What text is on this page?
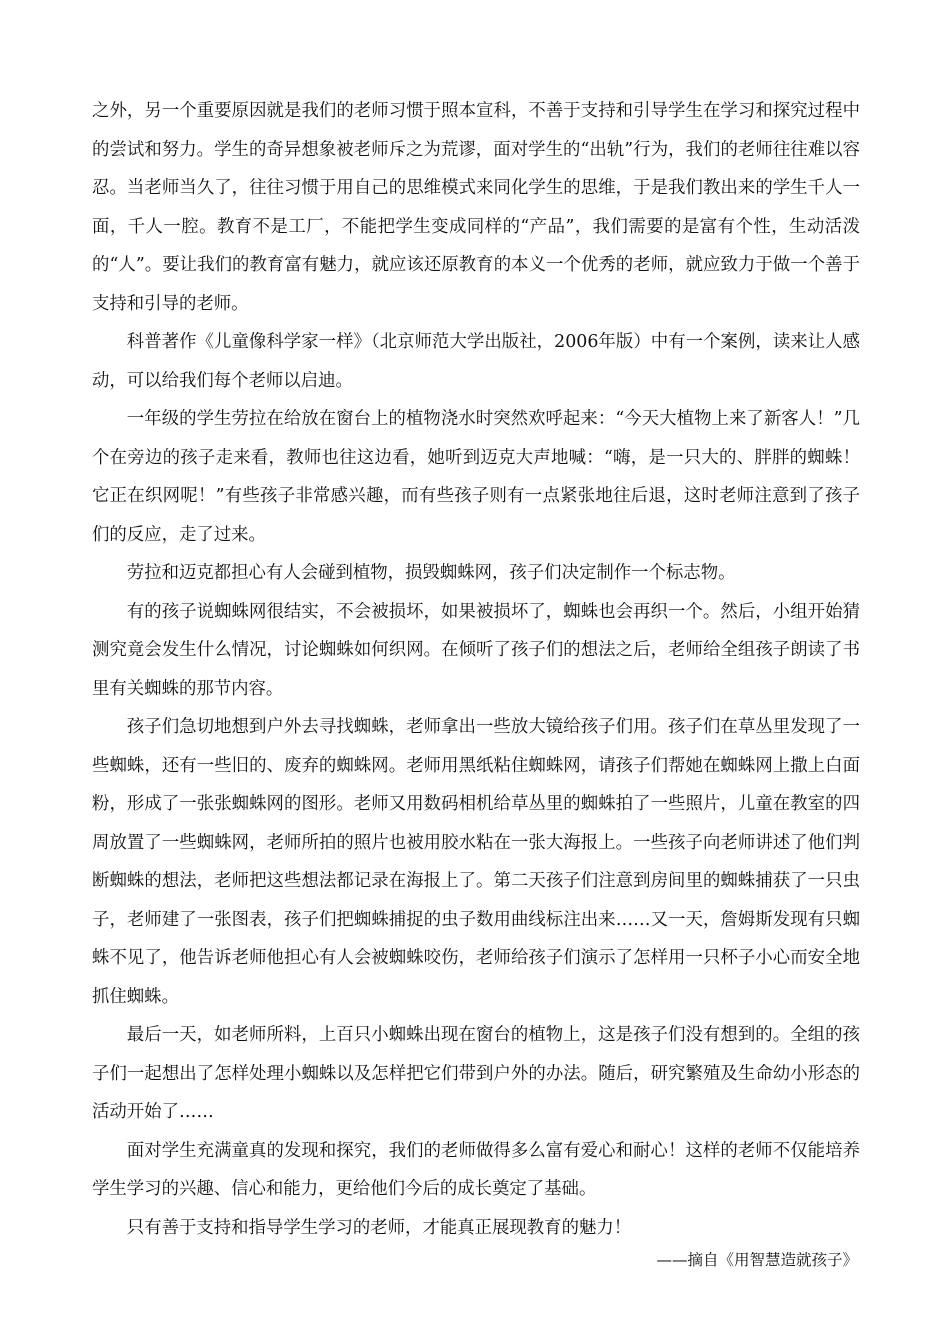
之外，另一个重要原因就是我们的老师习惯于照本宣科，不善于支持和引导学生在学习和探究过程中的尝试和努力。学生的奇异想象被老师斥之为荒谬，面对学生的“出轨”行为，我们的老师往往难以容忍。当老师当久了，往往习惯于用自己的思维模式来同化学生的思维，于是我们教出来的学生千人一面，千人一腔。教育不是工厂，不能把学生变成同样的“产品”，我们需要的是富有个性，生动活泼的“人”。要让我们的教育富有魅力，就应该还原教育的本义一个优秀的老师，就应致力于做一个善于支持和引导的老师。

科普著作《儿童像科学家一样》（北京师范大学出版社，2006年版）中有一个案例，读来让人感动，可以给我们每个老师以启迪。

一年级的学生劳拉在给放在窗台上的植物浇水时突然欢呼起来：“今天大植物上来了新客人！”几个在旁边的孩子走来看，教师也往这边看，她听到迈克大声地喊：“嗨，是一只大的、胖胖的蜘蛛！它正在织网呢！”有些孩子非常感兴趣，而有些孩子则有一点紧张地往后退，这时老师注意到了孩子们的反应，走了过来。

劳拉和迈克都担心有人会碰到植物，损毁蜘蛛网，孩子们决定制作一个标志物。

有的孩子说蜘蛛网很结实，不会被损坏，如果被损坏了，蜘蛛也会再织一个。然后，小组开始猜测究竟会发生什么情况，讨论蜘蛛如何织网。在倾听了孩子们的想法之后，老师给全组孩子朗读了书里有关蜘蛛的那节内容。

孩子们急切地想到户外去寻找蜘蛛，老师拿出一些放大镜给孩子们用。孩子们在草丛里发现了一些蜘蛛，还有一些旧的、废弃的蜘蛛网。老师用黑纸粘住蜘蛛网，请孩子们帮她在蜘蛛网上撒上白面粉，形成了一张张蜘蛛网的图形。老师又用数码相机给草丛里的蜘蛛拍了一些照片，儿童在教室的四周放置了一些蜘蛛网，老师所拍的照片也被用胶水粘在一张大海报上。一些孩子向老师讲述了他们判断蜘蛛的想法，老师把这些想法都记录在海报上了。第二天孩子们注意到房间里的蜘蛛捕获了一只虫子，老师建了一张图表，孩子们把蜘蛛捕捉的虫子数用曲线标注出来……又一天，詹姆斯发现有只蜘蛛不见了，他告诉老师他担心有人会被蜘蛛咬伤，老师给孩子们演示了怎样用一只杯子小心而安全地抓住蜘蛛。

最后一天，如老师所料，上百只小蜘蛛出现在窗台的植物上，这是孩子们没有想到的。全组的孩子们一起想出了怎样处理小蜘蛛以及怎样把它们带到户外的办法。随后，研究繁殖及生命幼小形态的活动开始了……

面对学生充满童真的发现和探究，我们的老师做得多么富有爱心和耐心！这样的老师不仅能培养学生学习的兴趣、信心和能力，更给他们今后的成长奠定了基础。

只有善于支持和指导学生学习的老师，才能真正展现教育的魅力！

——摘自《用智慧造就孩子》
